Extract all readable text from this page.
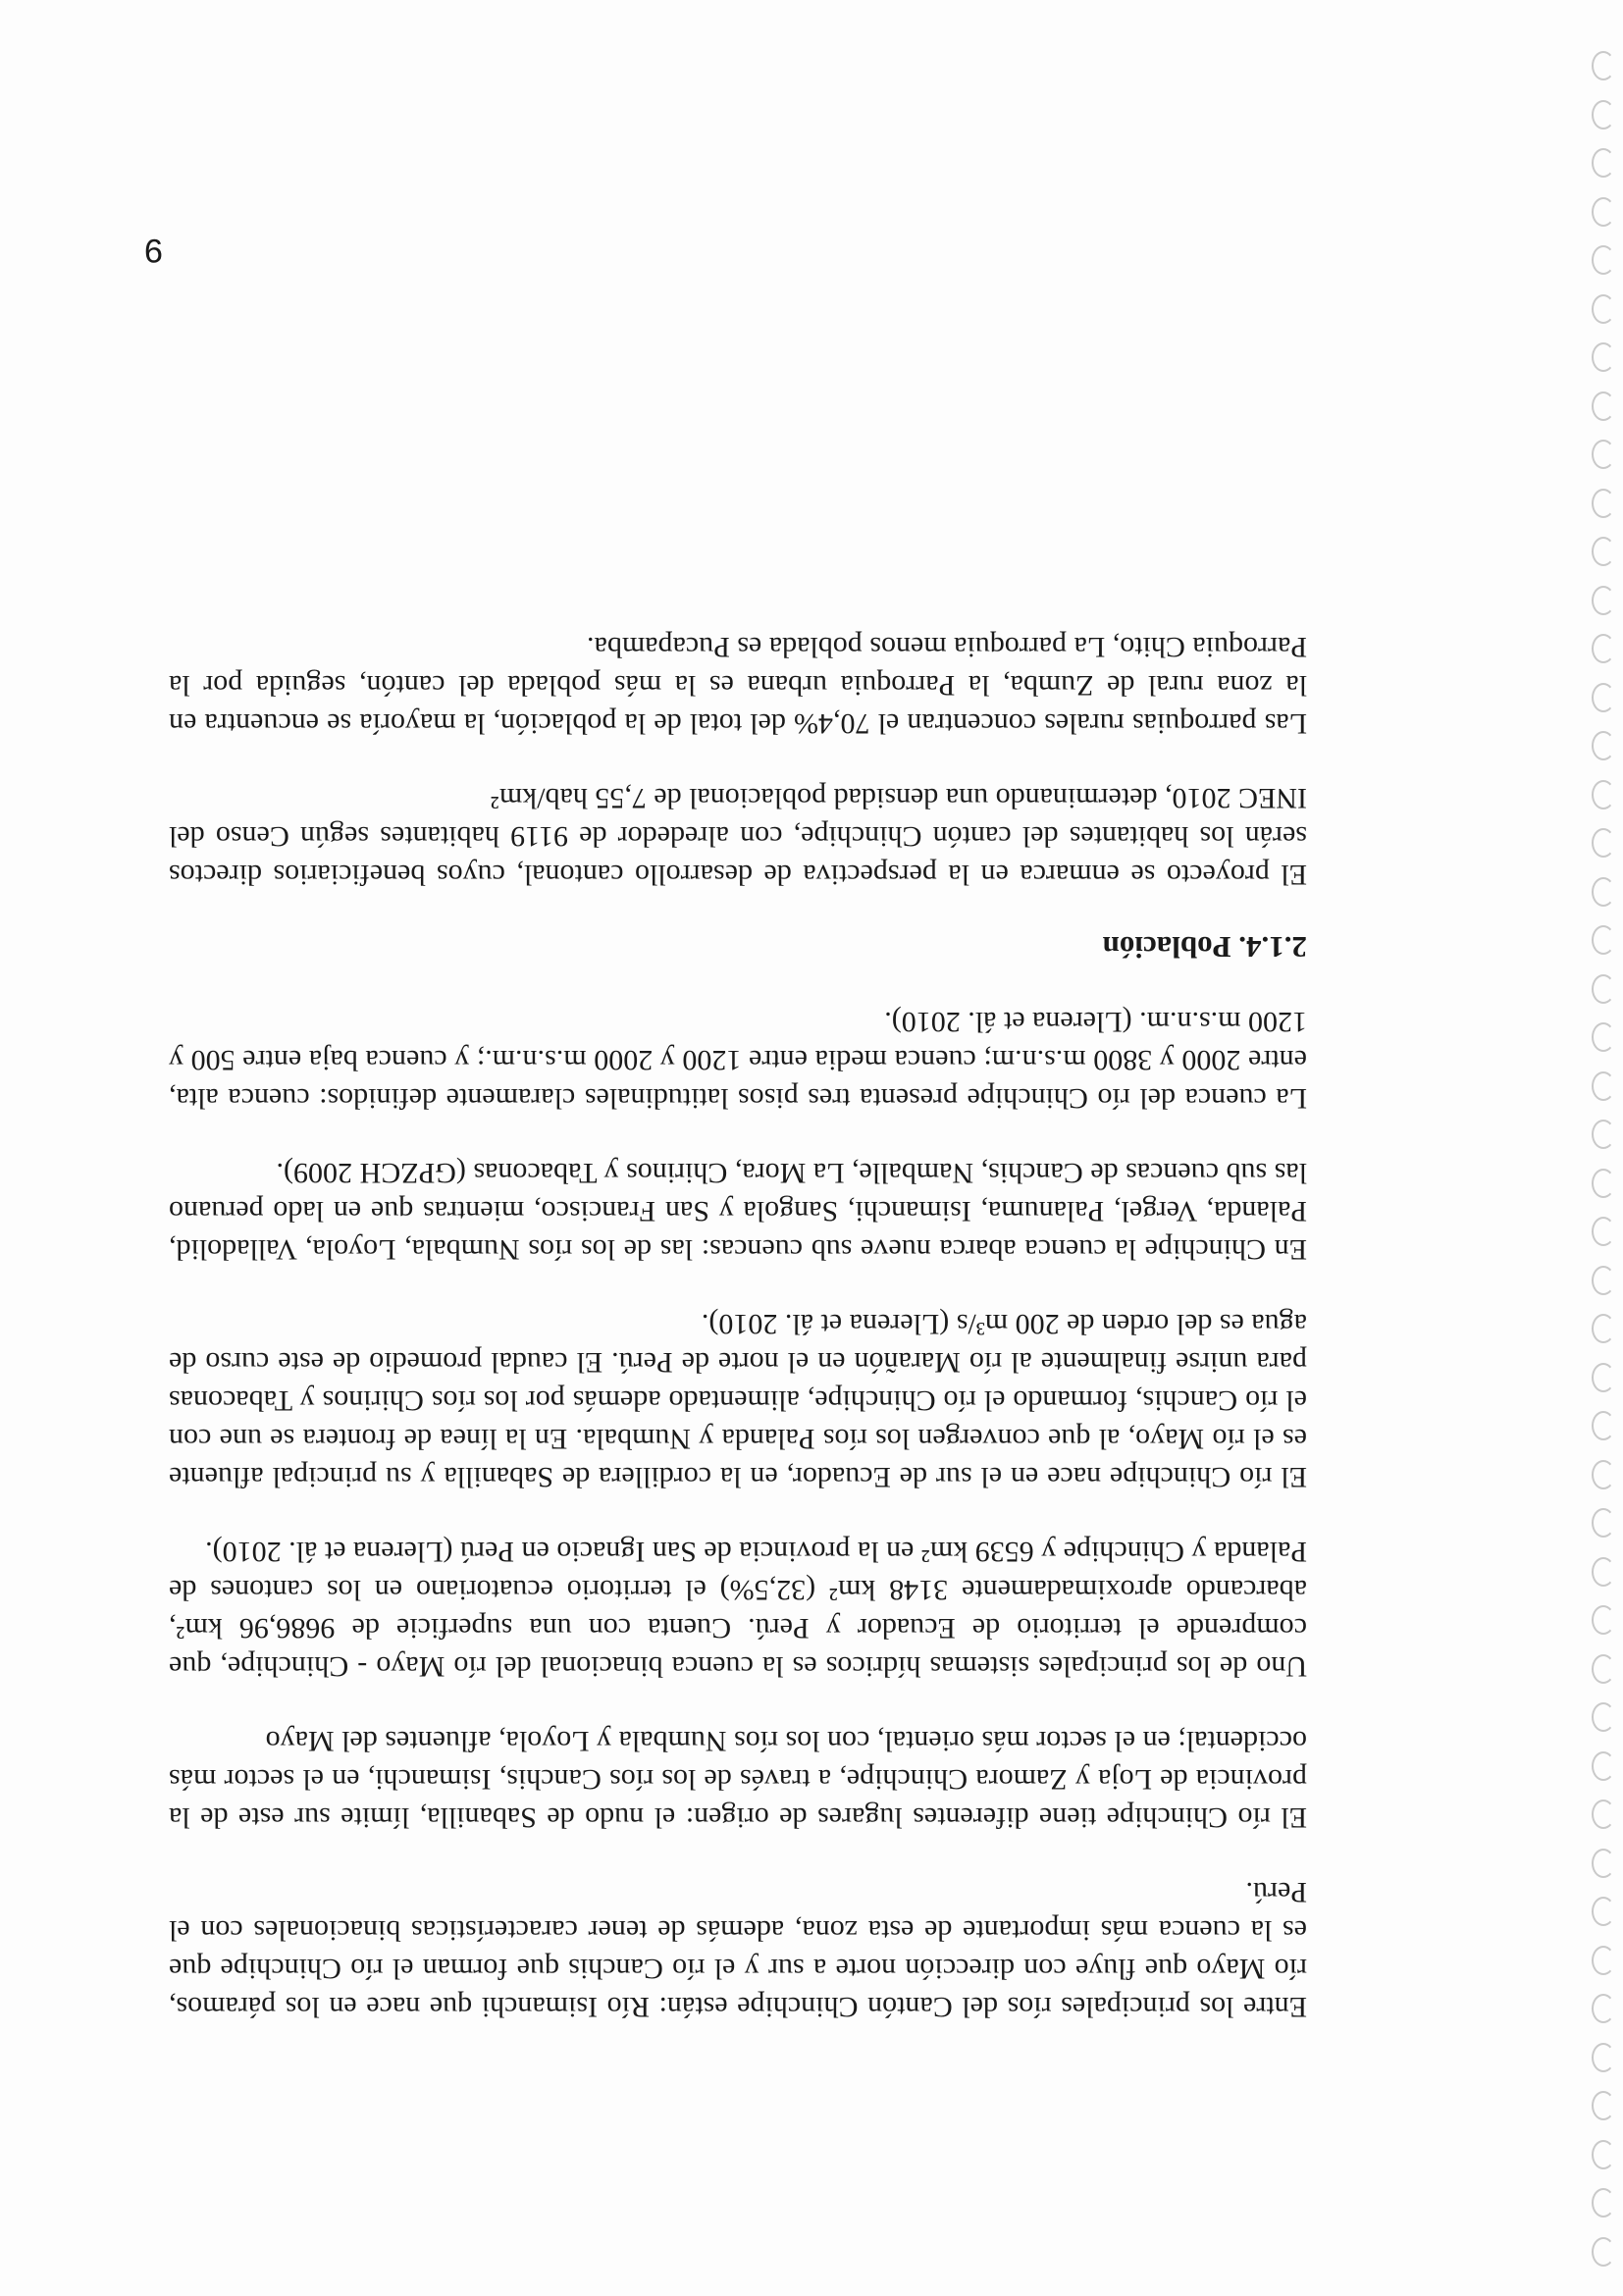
Entre los principales ríos del Cantón Chinchipe están: Río Isimanchi que nace en los páramos, río Mayo que fluye con dirección norte a sur y el río Canchis que forman el río Chinchipe que es la cuenca más importante de esta zona, además de tener características binacionales con el Perú.

El río Chinchipe tiene diferentes lugares de origen: el nudo de Sabanilla, límite sur este de la provincia de Loja y Zamora Chinchipe, a través de los ríos Canchis, Isimanchi, en el sector más occidental; en el sector más oriental, con los ríos Numbala y Loyola, afluentes del Mayo

Uno de los principales sistemas hídricos es la cuenca binacional del río Mayo - Chinchipe, que comprende el territorio de Ecuador y Perú. Cuenta con una superficie de 9686,96 km², abarcando aproximadamente 3148 km² (32,5%) el territorio ecuatoriano en los cantones de Palanda y Chinchipe y 6539 km² en la provincia de San Ignacio en Perú (Llerena et ál. 2010).

El río Chinchipe nace en el sur de Ecuador, en la cordillera de Sabanilla y su principal afluente es el río Mayo, al que convergen los ríos Palanda y Numbala. En la línea de frontera se une con el río Canchis, formando el río Chinchipe, alimentado además por los ríos Chirinos y Tabaconas para unirse finalmente al río Marañón en el norte de Perú. El caudal promedio de este curso de agua es del orden de 200 m³/s (Llerena et ál. 2010).

En Chinchipe la cuenca abarca nueve sub cuencas: las de los ríos Numbala, Loyola, Valladolid, Palanda, Vergel, Palanuma, Isimanchi, Sangola y San Francisco, mientras que en lado peruano las sub cuencas de Canchis, Namballe, La Mora, Chirinos y Tabaconas (GPZCH 2009).

La cuenca del río Chinchipe presenta tres pisos latitudinales claramente definidos: cuenca alta, entre 2000 y 3800 m.s.n.m; cuenca media entre 1200 y 2000 m.s.n.m.; y cuenca baja entre 500 y 1200 m.s.n.m. (Llerena et ál. 2010).

2.1.4. Población

El proyecto se enmarca en la perspectiva de desarrollo cantonal, cuyos beneficiarios directos serán los habitantes del cantón Chinchipe, con alrededor de 9119 habitantes según Censo del INEC 2010, determinando una densidad poblacional de 7,55 hab/km²

Las parroquias rurales concentran el 70,4% del total de la población, la mayoría se encuentra en la zona rural de Zumba, la Parroquia urbana es la más poblada del cantón, seguida por la Parroquia Chito, La parroquia menos poblada es Pucapamba.

9
